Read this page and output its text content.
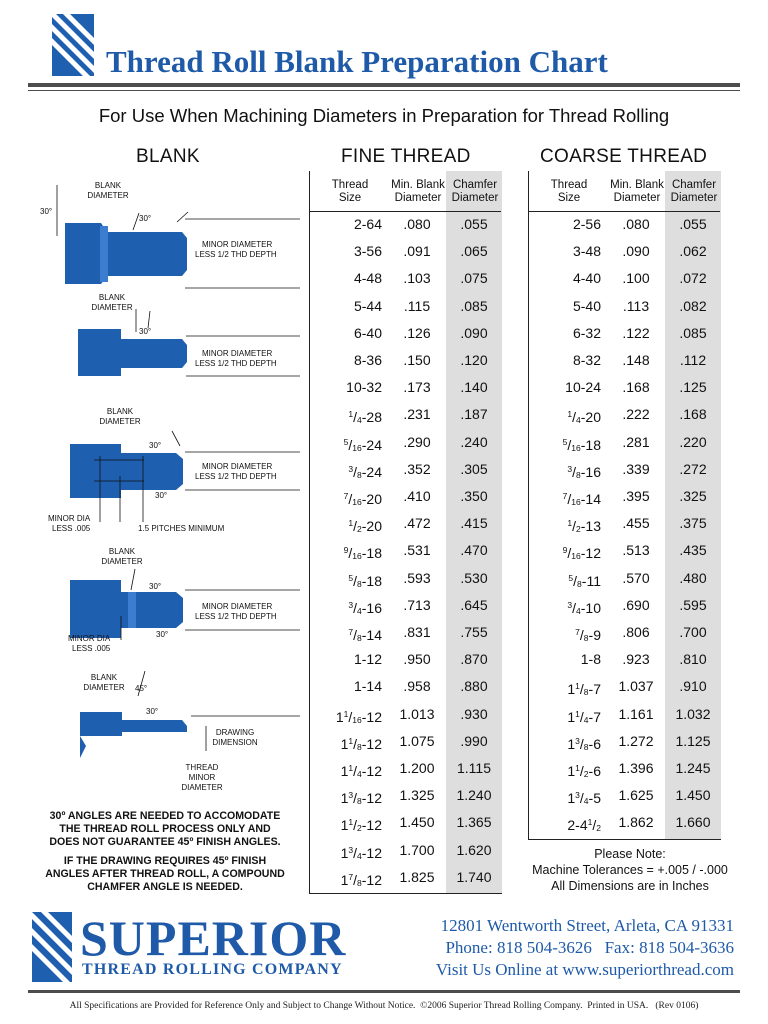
Thread Roll Blank Preparation Chart
For Use When Machining Diameters in Preparation for Thread Rolling
BLANK	FINE THREAD	COARSE THREAD
Thread
Size
Min. Blank
Diameter
Chamfer
Diameter
2-64	.080	.055
3-56	.091	.065
4-48	.103	.075
5-44	.115	.085
6-40	.126	.090
8-36	.150	.120
10-32	.173	.140
$^1/_4-28$	.231	.187
$^5/_{16}-24$	.290	.240
$^3/_8-24$	.352	.305
$^7/_{16}-20$	.410	.350
$^1/_2-20$	.472	.415
$^9/_{16}-18$	.531	.470
$^5/_8-18$	.593	.530
$^3/_4-16$	.713	.645
$^7/_8-14$	.831	.755
1-12	.950	.870
1-14	.958	.880
$1^1/_{16}-12$	1.013	.930
$1^1/_8-12$	1.075	.990
$1^1/_4-12$	1.200	1.115
$1^3/_8-12$	1.325	1.240
$1^1/_2-12$	1.450	1.365
$1^3/_4-12$	1.700	1.620
$1^7/_8-12$	1.825	1.740
Thread
Size
Min. Blank
Diameter
Chamfer
Diameter
2-56	.080	.055
3-48	.090	.062
4-40	.100	.072
5-40	.113	.082
6-32	.122	.085
8-32	.148	.112
10-24	.168	.125
$^1/_4-20$	.222	.168
$^5/_{16}-18$	.281	.220
$^3/_8-16$	.339	.272
$^7/_{16}-14$	.395	.325
$^1/_2-13$	.455	.375
$^9/_{16}-12$	.513	.435
$^5/_8-11$	.570	.480
$^3/_4-10$	.690	.595
$^7/_8-9$	.806	.700
1-8	.923	.810
$1^1/_8-7$	1.037	.910
$1^1/_4-7$	1.161	1.032
$1^3/_8-6$	1.272	1.125
$1^1/_2-6$	1.396	1.245
$1^3/_4-5$	1.625	1.450
$2-4^1/_2$	1.862	1.660
Please Note:
Machine Tolerances = +.005 / -.000
All Dimensions are in Inches
BLANK
DIAMETER
30°
30°
MINOR DIAMETER
LESS 1/2 THD DEPTH
BLANK
DIAMETER
30°
MINOR DIAMETER
LESS 1/2 THD DEPTH
BLANK
DIAMETER
30°
30°
MINOR DIAMETER
LESS 1/2 THD DEPTH
MINOR DIA
LESS .005	1.5 PITCHES MINIMUM
BLANK
DIAMETER
30°
30°
MINOR DIAMETER
LESS 1/2 THD DEPTH
MINOR DIA
LESS .005
BLANK
DIAMETER 45°
30°
DRAWING
DIMENSION
THREAD
MINOR
DIAMETER
30º ANGLES ARE NEEDED TO ACCOMODATE
THE THREAD ROLL PROCESS ONLY AND
DOES NOT GUARANTEE 45º FINISH ANGLES.
IF THE DRAWING REQUIRES 45º FINISH
ANGLES AFTER THREAD ROLL, A COMPOUND
CHAMFER ANGLE IS NEEDED.
SUPERIOR
THREAD ROLLING COMPANY
12801 Wentworth Street, Arleta, CA 91331
Phone: 818 504-3626   Fax: 818 504-3636
Visit Us Online at www.superiorthread.com
All Specifications are Provided for Reference Only and Subject to Change Without Notice.  ©2006 Superior Thread Rolling Company.  Printed in USA.   (Rev 0106)
